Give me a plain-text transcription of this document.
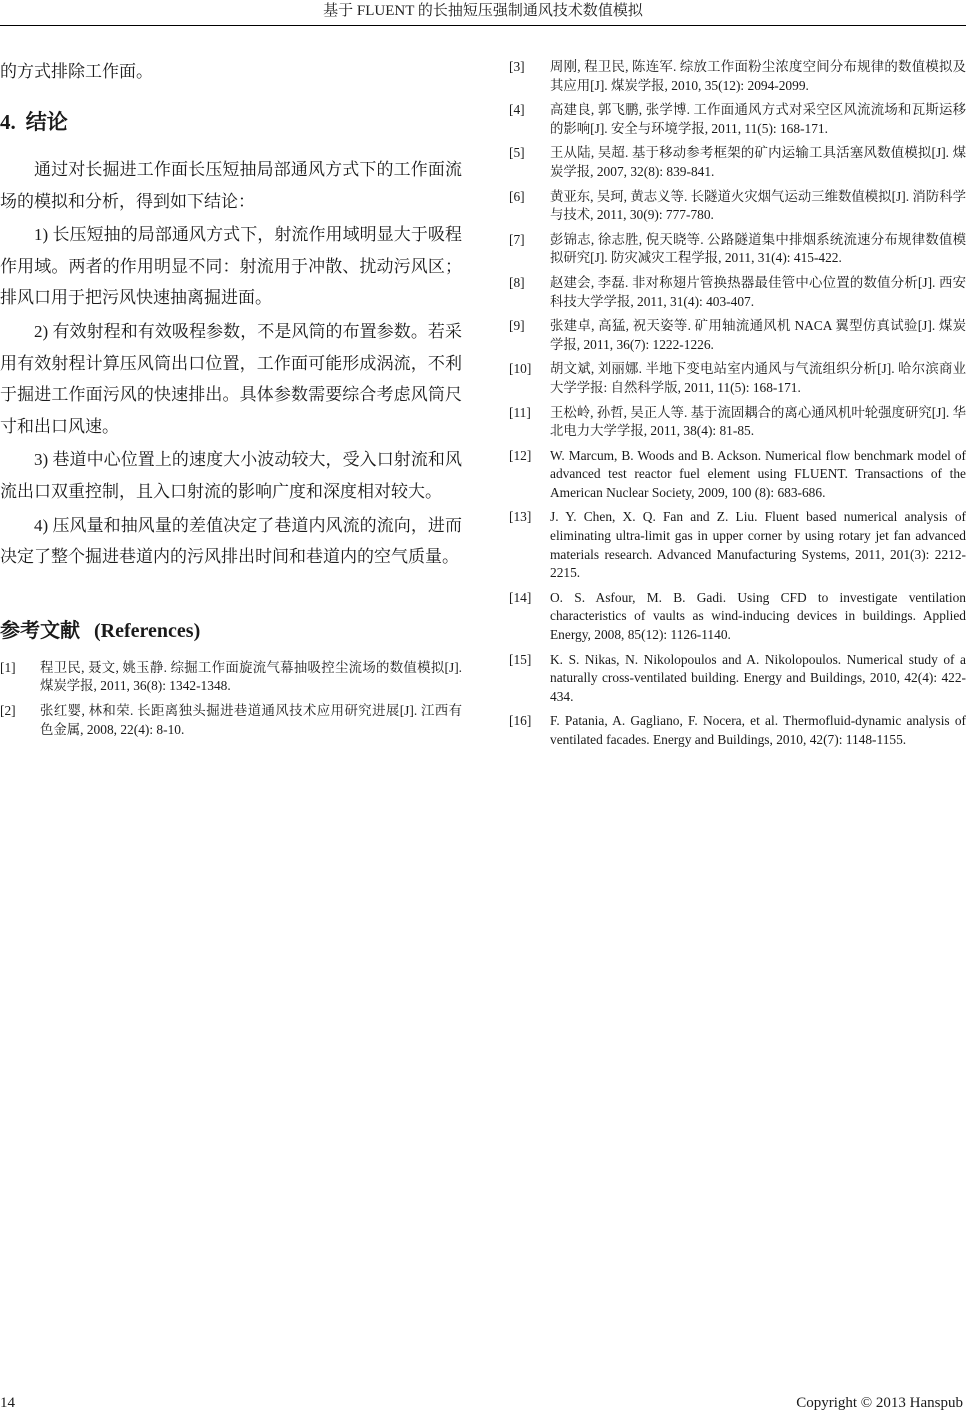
基于 FLUENT 的长抽短压强制通风技术数值模拟

的方式排除工作面。

4. 结论

通过对长掘进工作面长压短抽局部通风方式下的工作面流场的模拟和分析，得到如下结论：

1) 长压短抽的局部通风方式下，射流作用域明显大于吸程作用域。两者的作用明显不同：射流用于冲散、扰动污风区；排风口用于把污风快速抽离掘进面。

2) 有效射程和有效吸程参数，不是风筒的布置参数。若采用有效射程计算压风筒出口位置，工作面可能形成涡流，不利于掘进工作面污风的快速排出。具体参数需要综合考虑风筒尺寸和出口风速。

3) 巷道中心位置上的速度大小波动较大，受入口射流和风流出口双重控制，且入口射流的影响广度和深度相对较大。

4) 压风量和抽风量的差值决定了巷道内风流的流向，进而决定了整个掘进巷道内的污风排出时间和巷道内的空气质量。

参考文献 (References)
[1]	程卫民, 聂文, 姚玉静. 综掘工作面旋流气幕抽吸控尘流场的数值模拟[J]. 煤炭学报, 2011, 36(8): 1342-1348.
[2]	张红婴, 林和荣. 长距离独头掘进巷道通风技术应用研究进展[J]. 江西有色金属, 2008, 22(4): 8-10.
[3]	周刚, 程卫民, 陈连军. 综放工作面粉尘浓度空间分布规律的数值模拟及其应用[J]. 煤炭学报, 2010, 35(12): 2094-2099.
[4]	高建良, 郭飞鹏, 张学博. 工作面通风方式对采空区风流流场和瓦斯运移的影响[J]. 安全与环境学报, 2011, 11(5): 168-171.
[5]	王从陆, 吴超. 基于移动参考框架的矿内运输工具活塞风数值模拟[J]. 煤炭学报, 2007, 32(8): 839-841.
[6]	黄亚东, 吴珂, 黄志义等. 长隧道火灾烟气运动三维数值模拟[J]. 消防科学与技术, 2011, 30(9): 777-780.
[7]	彭锦志, 徐志胜, 倪天晓等. 公路隧道集中排烟系统流速分布规律数值模拟研究[J]. 防灾减灾工程学报, 2011, 31(4): 415-422.
[8]	赵建会, 李磊. 非对称翅片管换热器最佳管中心位置的数值分析[J]. 西安科技大学学报, 2011, 31(4): 403-407.
[9]	张建卓, 高猛, 祝天姿等. 矿用轴流通风机 NACA 翼型仿真试验[J]. 煤炭学报, 2011, 36(7): 1222-1226.
[10]	胡文斌, 刘丽娜. 半地下变电站室内通风与气流组织分析[J]. 哈尔滨商业大学学报: 自然科学版, 2011, 11(5): 168-171.
[11]	王松岭, 孙哲, 吴正人等. 基于流固耦合的离心通风机叶轮强度研究[J]. 华北电力大学学报, 2011, 38(4): 81-85.
[12]	W. Marcum, B. Woods and B. Ackson. Numerical flow benchmark model of advanced test reactor fuel element using FLUENT. Transactions of the American Nuclear Society, 2009, 100 (8): 683-686.
[13]	J. Y. Chen, X. Q. Fan and Z. Liu. Fluent based numerical analysis of eliminating ultra-limit gas in upper corner by using rotary jet fan advanced materials research. Advanced Manufacturing Systems, 2011, 201(3): 2212-2215.
[14]	O. S. Asfour, M. B. Gadi. Using CFD to investigate ventilation characteristics of vaults as wind-inducing devices in buildings. Applied Energy, 2008, 85(12): 1126-1140.
[15]	K. S. Nikas, N. Nikolopoulos and A. Nikolopoulos. Numerical study of a naturally cross-ventilated building. Energy and Buildings, 2010, 42(4): 422-434.
[16]	F. Patania, A. Gagliano, F. Nocera, et al. Thermofluid-dynamic analysis of ventilated facades. Energy and Buildings, 2010, 42(7): 1148-1155.
14	Copyright © 2013 Hanspub
